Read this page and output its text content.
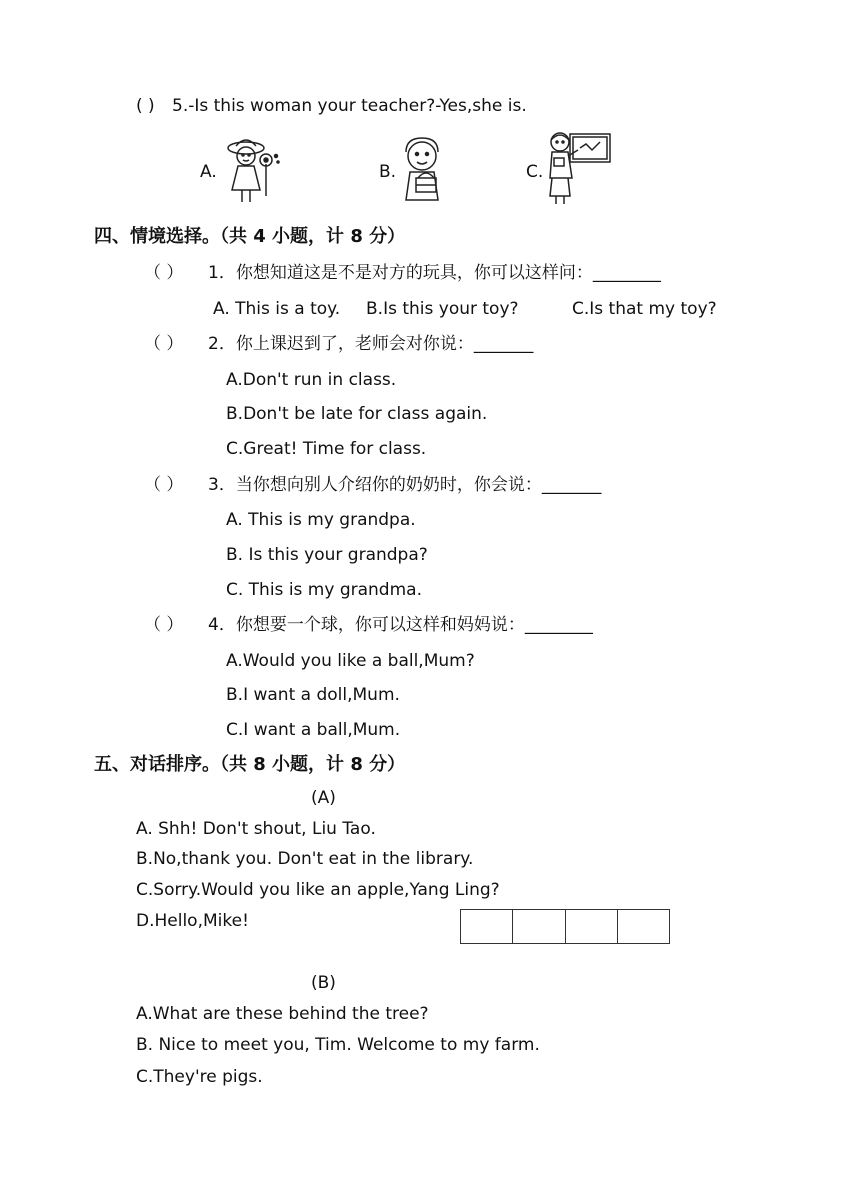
( ) 5.-Is this woman your teacher?-Yes,she is.
A.	B.	C.
四、情境选择。（共 4 小题，计 8 分）
（ ） 1．你想知道这是不是对方的玩具，你可以这样问：________
A. This is a toy. B.Is this your toy?	C.Is that my toy?
（ ） 2．你上课迟到了，老师会对你说：_______
A.Don't run in class.
B.Don't be late for class again.
C.Great! Time for class.
（ ） 3．当你想向别人介绍你的奶奶时，你会说：_______
A. This is my grandpa.
B. Is this your grandpa?
C. This is my grandma.
（ ） 4．你想要一个球，你可以这样和妈妈说：________
A.Would you like a ball,Mum?
B.I want a doll,Mum.
C.I want a ball,Mum.
五、对话排序。（共 8 小题，计 8 分）
(A)
A. Shh! Don't shout, Liu Tao.
B.No,thank you. Don't eat in the library.
C.Sorry.Would you like an apple,Yang Ling?
D.Hello,Mike!
(B)
A.What are these behind the tree?
B. Nice to meet you, Tim. Welcome to my farm.
C.They're pigs.
